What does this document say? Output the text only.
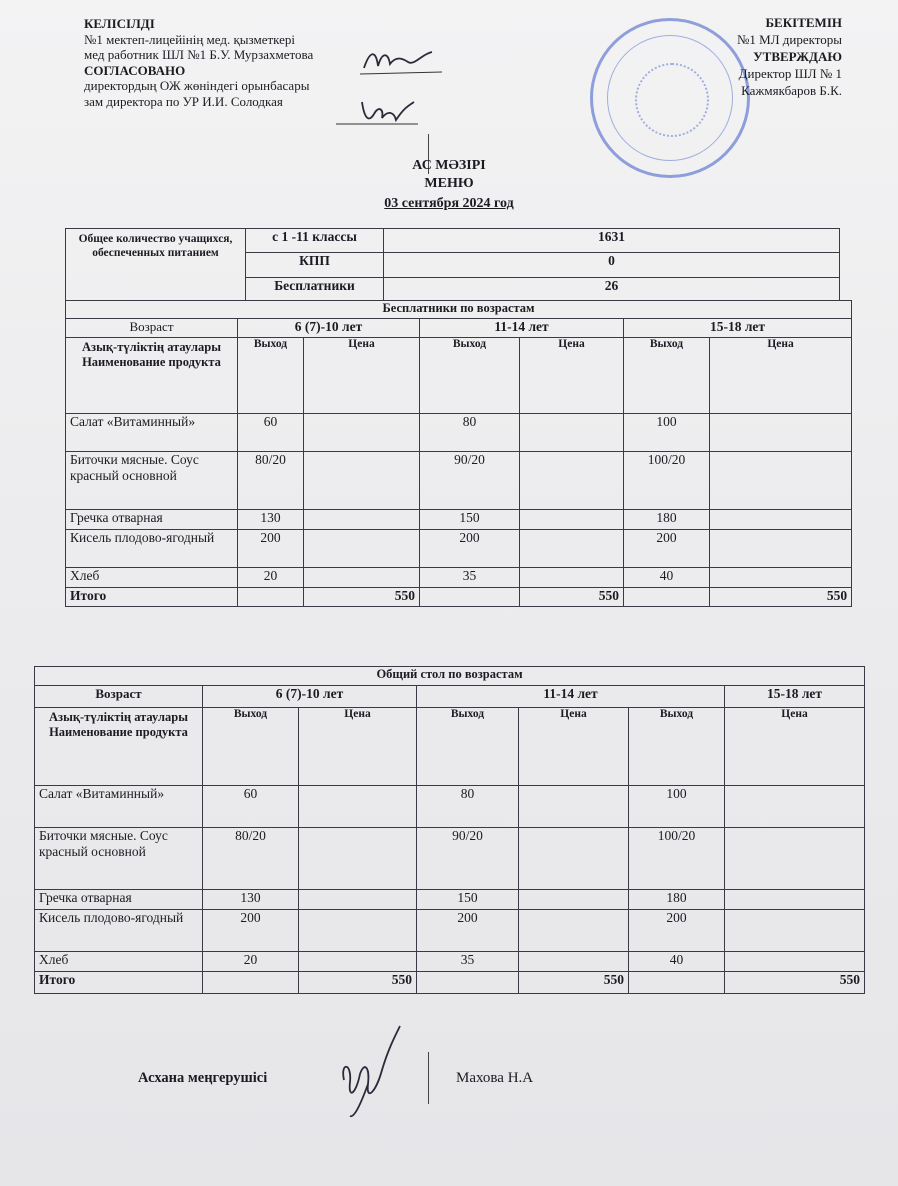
КЕЛІСІЛДІ
№1 мектеп-лицейінің мед. қызметкері
мед работник ШЛ №1 Б.У. Мурзахметова
СОГЛАСОВАНО
директордың ОЖ жөніндегі орынбасары
зам директора по УР И.И. Солодкая
БЕКІТЕМІН
№1 МЛ директоры
УТВЕРЖДАЮ
Директор ШЛ № 1
Кажмякбаров Б.К.
АС МӘЗІРІ
МЕНЮ
03 сентября 2024 год
Общее количество учащихся, обеспеченных питанием	с 1 -11 классы	1631
	КПП	0
	Бесплатники	26
Бесплатники по возрастам						
Возраст	6 (7)-10 лет		11-14 лет		15-18 лет	
Азық-түліктің атаулары Наименование продукта	Выход	Цена	Выход	Цена	Выход	Цена
Салат «Витаминный»	60		80		100	
Биточки мясные. Соус красный основной	80/20		90/20		100/20	
Гречка отварная	130		150		180	
Кисель плодово-ягодный	200		200		200	
Хлеб	20		35		40	
Итого		550		550		550
Общий стол по возрастам						
Возраст	6 (7)-10 лет		11-14 лет			15-18 лет
Азық-түліктің атаулары Наименование продукта	Выход	Цена	Выход	Цена	Выход	Цена
Салат «Витаминный»	60		80		100	
Биточки мясные. Соус красный основной	80/20		90/20		100/20	
Гречка отварная	130		150		180	
Кисель плодово-ягодный	200		200		200	
Хлеб	20		35		40	
Итого		550		550		550
Асхана меңгерушісі	Махова Н.А
